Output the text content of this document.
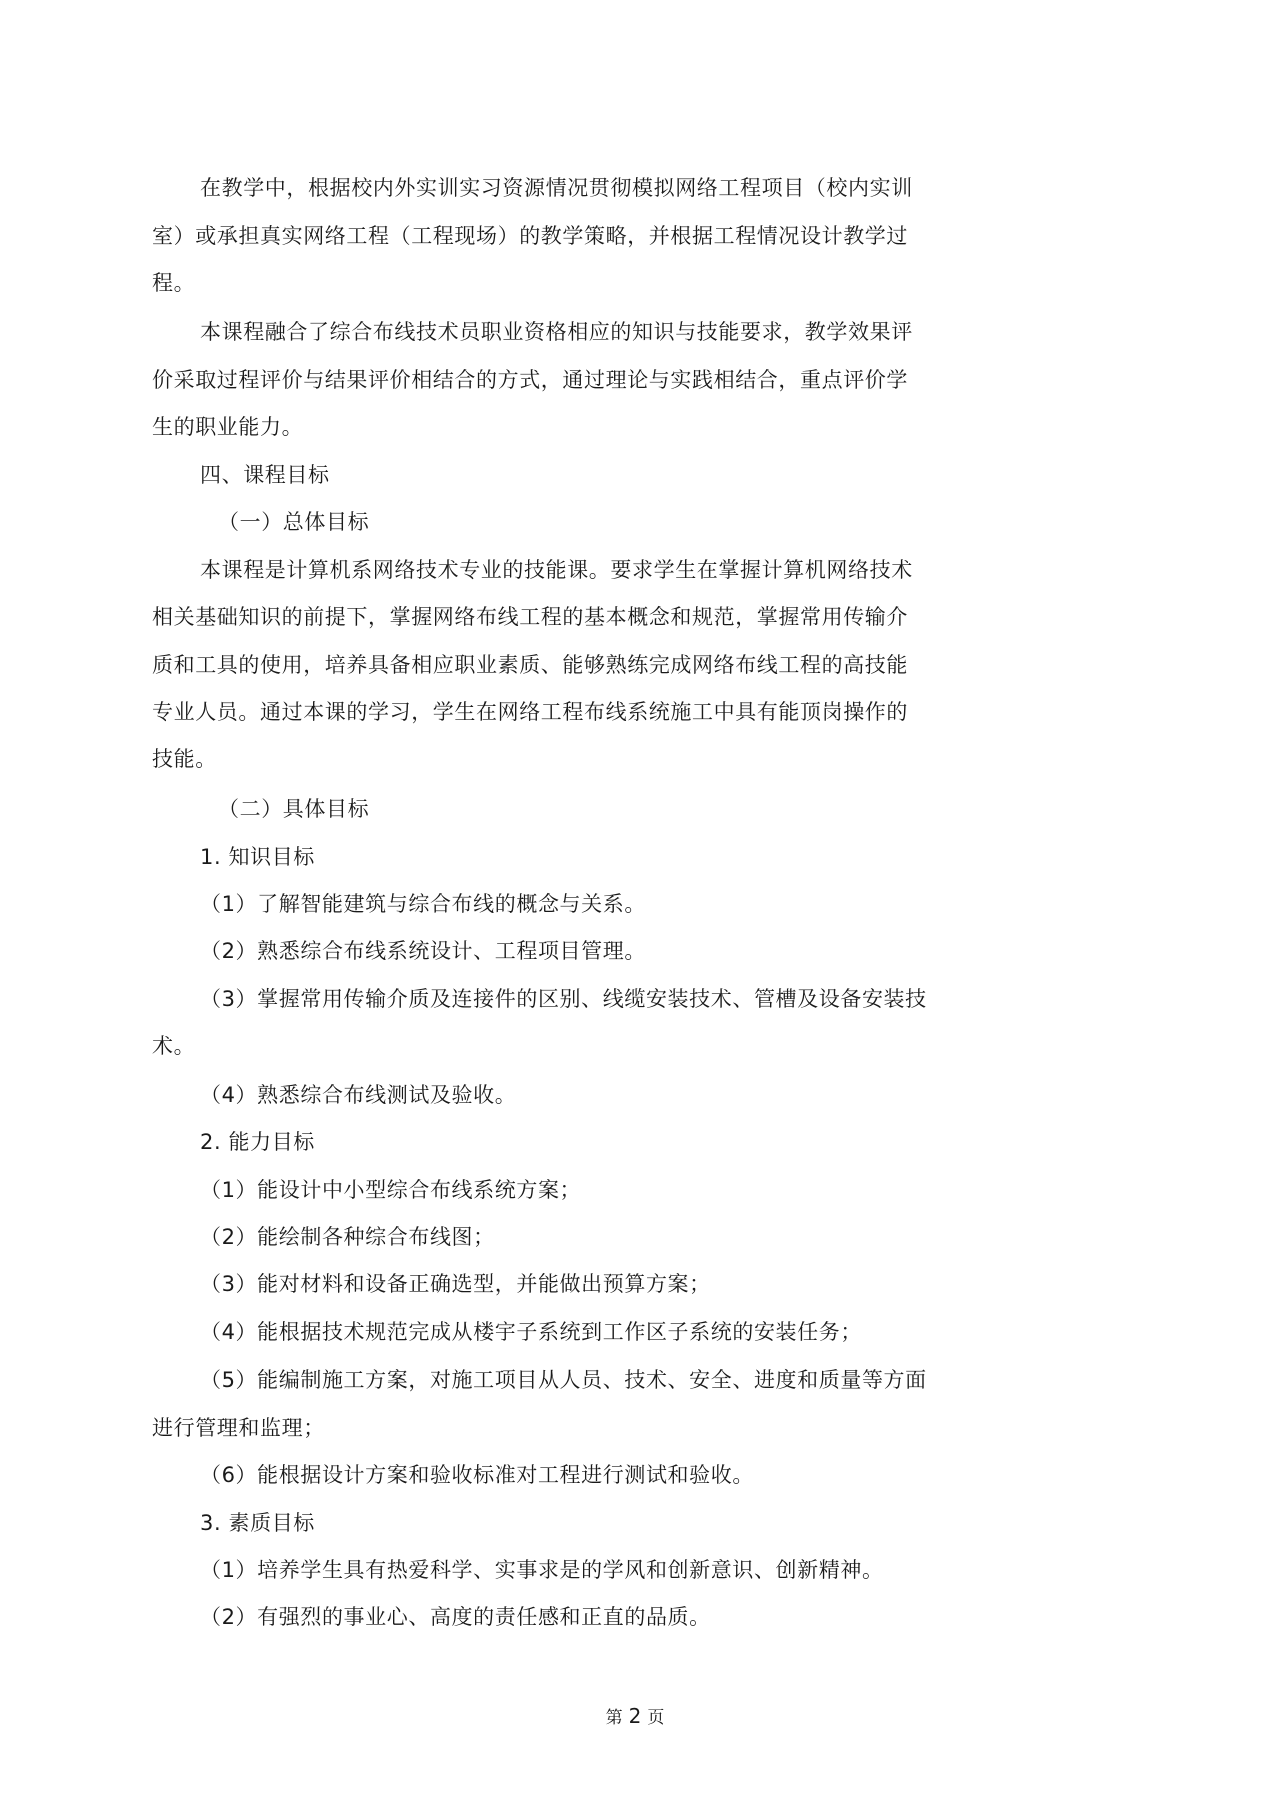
在教学中，根据校内外实训实习资源情况贯彻模拟网络工程项目（校内实训
室）或承担真实网络工程（工程现场）的教学策略，并根据工程情况设计教学过
程。
本课程融合了综合布线技术员职业资格相应的知识与技能要求，教学效果评
价采取过程评价与结果评价相结合的方式，通过理论与实践相结合，重点评价学
生的职业能力。
四、课程目标
（一）总体目标
本课程是计算机系网络技术专业的技能课。要求学生在掌握计算机网络技术
相关基础知识的前提下，掌握网络布线工程的基本概念和规范，掌握常用传输介
质和工具的使用，培养具备相应职业素质、能够熟练完成网络布线工程的高技能
专业人员。通过本课的学习，学生在网络工程布线系统施工中具有能顶岗操作的
技能。
（二）具体目标
1. 知识目标
（1）了解智能建筑与综合布线的概念与关系。
（2）熟悉综合布线系统设计、工程项目管理。
（3）掌握常用传输介质及连接件的区别、线缆安装技术、管槽及设备安装技
术。
（4）熟悉综合布线测试及验收。
2. 能力目标
（1）能设计中小型综合布线系统方案；
（2）能绘制各种综合布线图；
（3）能对材料和设备正确选型，并能做出预算方案；
（4）能根据技术规范完成从楼宇子系统到工作区子系统的安装任务；
（5）能编制施工方案，对施工项目从人员、技术、安全、进度和质量等方面
进行管理和监理；
（6）能根据设计方案和验收标准对工程进行测试和验收。
3. 素质目标
（1）培养学生具有热爱科学、实事求是的学风和创新意识、创新精神。
（2）有强烈的事业心、高度的责任感和正直的品质。
第 2 页
